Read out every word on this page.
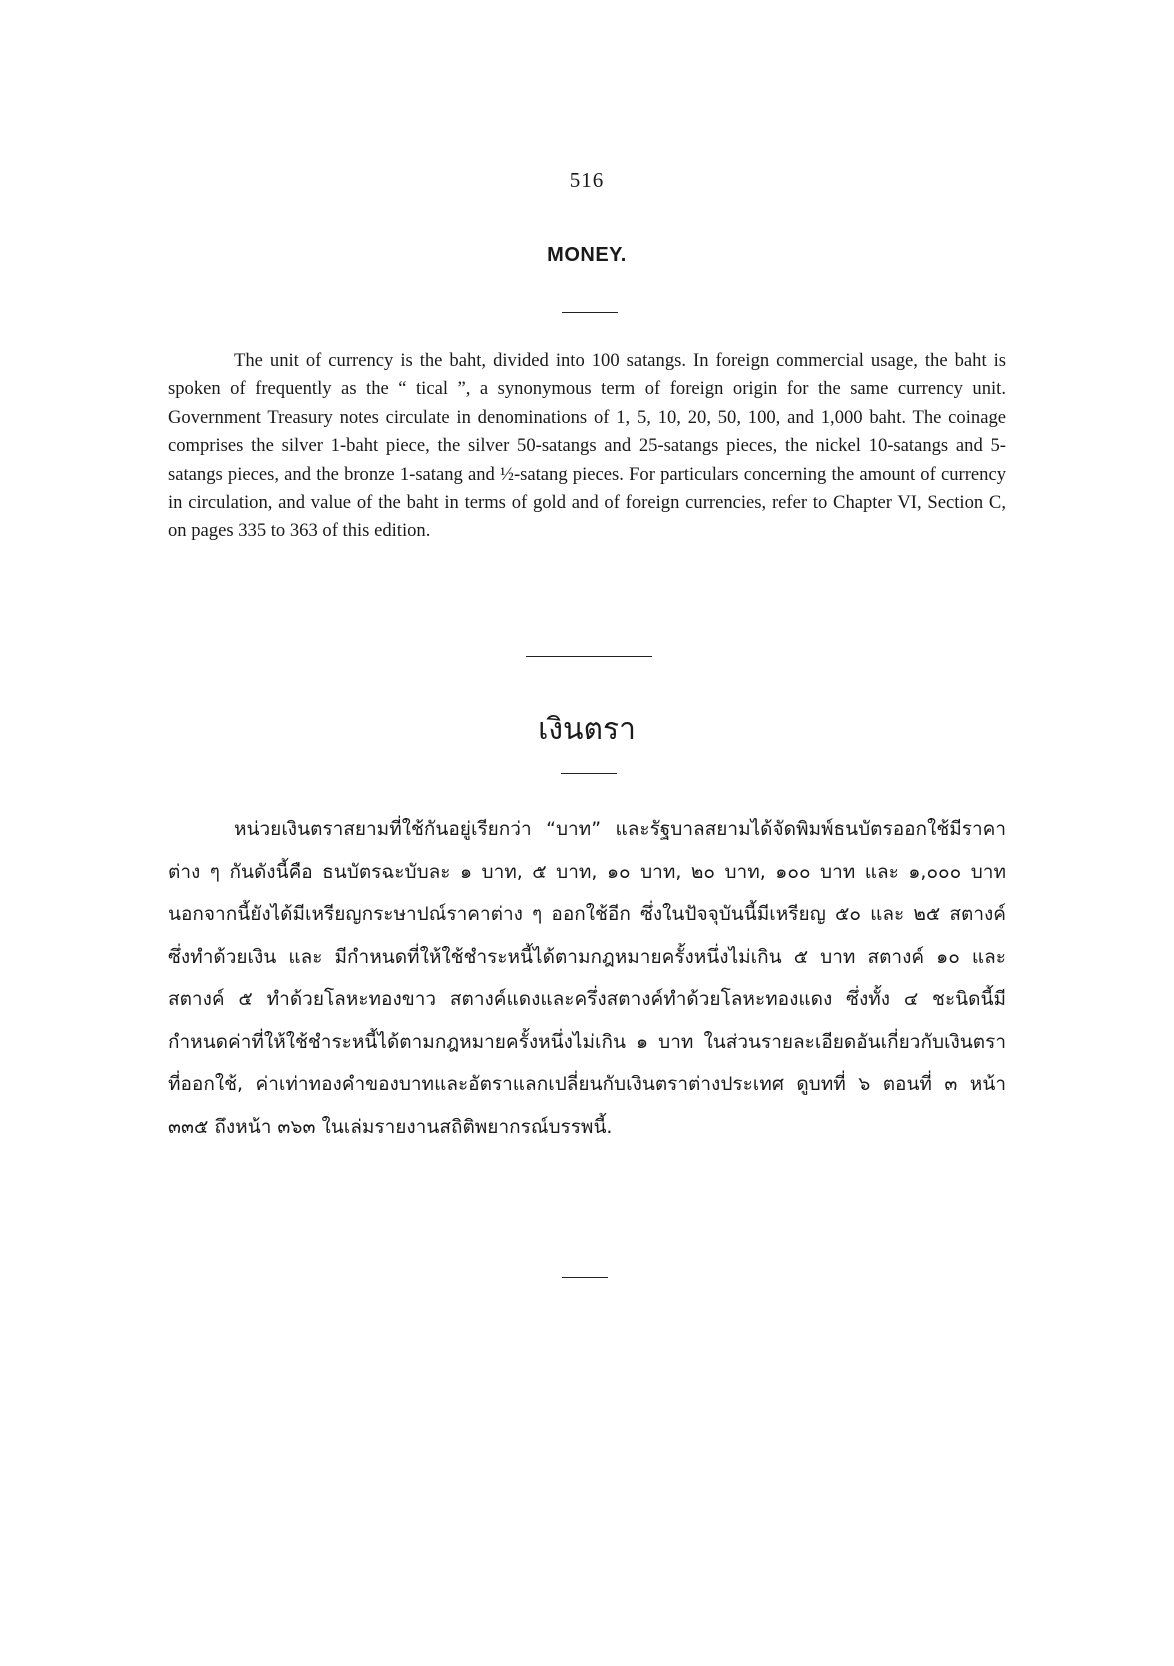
516
MONEY.

The unit of currency is the baht, divided into 100 satangs. In foreign commercial usage, the baht is spoken of frequently as the “ tical ”, a synonymous term of foreign origin for the same currency unit. Government Treasury notes circulate in denominations of 1, 5, 10, 20, 50, 100, and 1,000 baht. The coinage comprises the silver 1-baht piece, the silver 50-satangs and 25-satangs pieces, the nickel 10-satangs and 5-satangs pieces, and the bronze 1-satang and ½-satang pieces. For particulars concerning the amount of currency in circulation, and value of the baht in terms of gold and of foreign currencies, refer to Chapter VI, Section C, on pages 335 to 363 of this edition.

เงินตรา

หน่วยเงินตราสยามที่ใช้กันอยู่เรียกว่า “บาท” และรัฐบาลสยามได้จัดพิมพ์ธนบัตรออกใช้มีราคาต่าง ๆ กันดังนี้คือ ธนบัตรฉะบับละ ๑ บาท, ๕ บาท, ๑๐ บาท, ๒๐ บาท, ๑๐๐ บาท และ ๑,๐๐๐ บาท นอกจากนี้ยังได้มีเหรียญกระษาปณ์ราคาต่าง ๆ ออกใช้อีก ซึ่งในปัจจุบันนี้มีเหรียญ ๕๐ และ ๒๕ สตางค์ ซึ่งทำด้วยเงิน และ มีกำหนดที่ให้ใช้ชำระหนี้ได้ตามกฎหมายครั้งหนึ่งไม่เกิน ๕ บาท สตางค์ ๑๐ และสตางค์ ๕ ทำด้วยโลหะทองขาว สตางค์แดงและครึ่งสตางค์ทำด้วยโลหะทองแดง ซึ่งทั้ง ๔ ชะนิดนี้มีกำหนดค่าที่ให้ใช้ชำระหนี้ได้ตามกฎหมายครั้งหนึ่งไม่เกิน ๑ บาท ในส่วนรายละเอียดอันเกี่ยวกับเงินตราที่ออกใช้, ค่าเท่าทองคำของบาทและอัตราแลกเปลี่ยนกับเงินตราต่างประเทศ ดูบทที่ ๖ ตอนที่ ๓ หน้า ๓๓๕ ถึงหน้า ๓๖๓ ในเล่มรายงานสถิติพยากรณ์บรรพนี้.
